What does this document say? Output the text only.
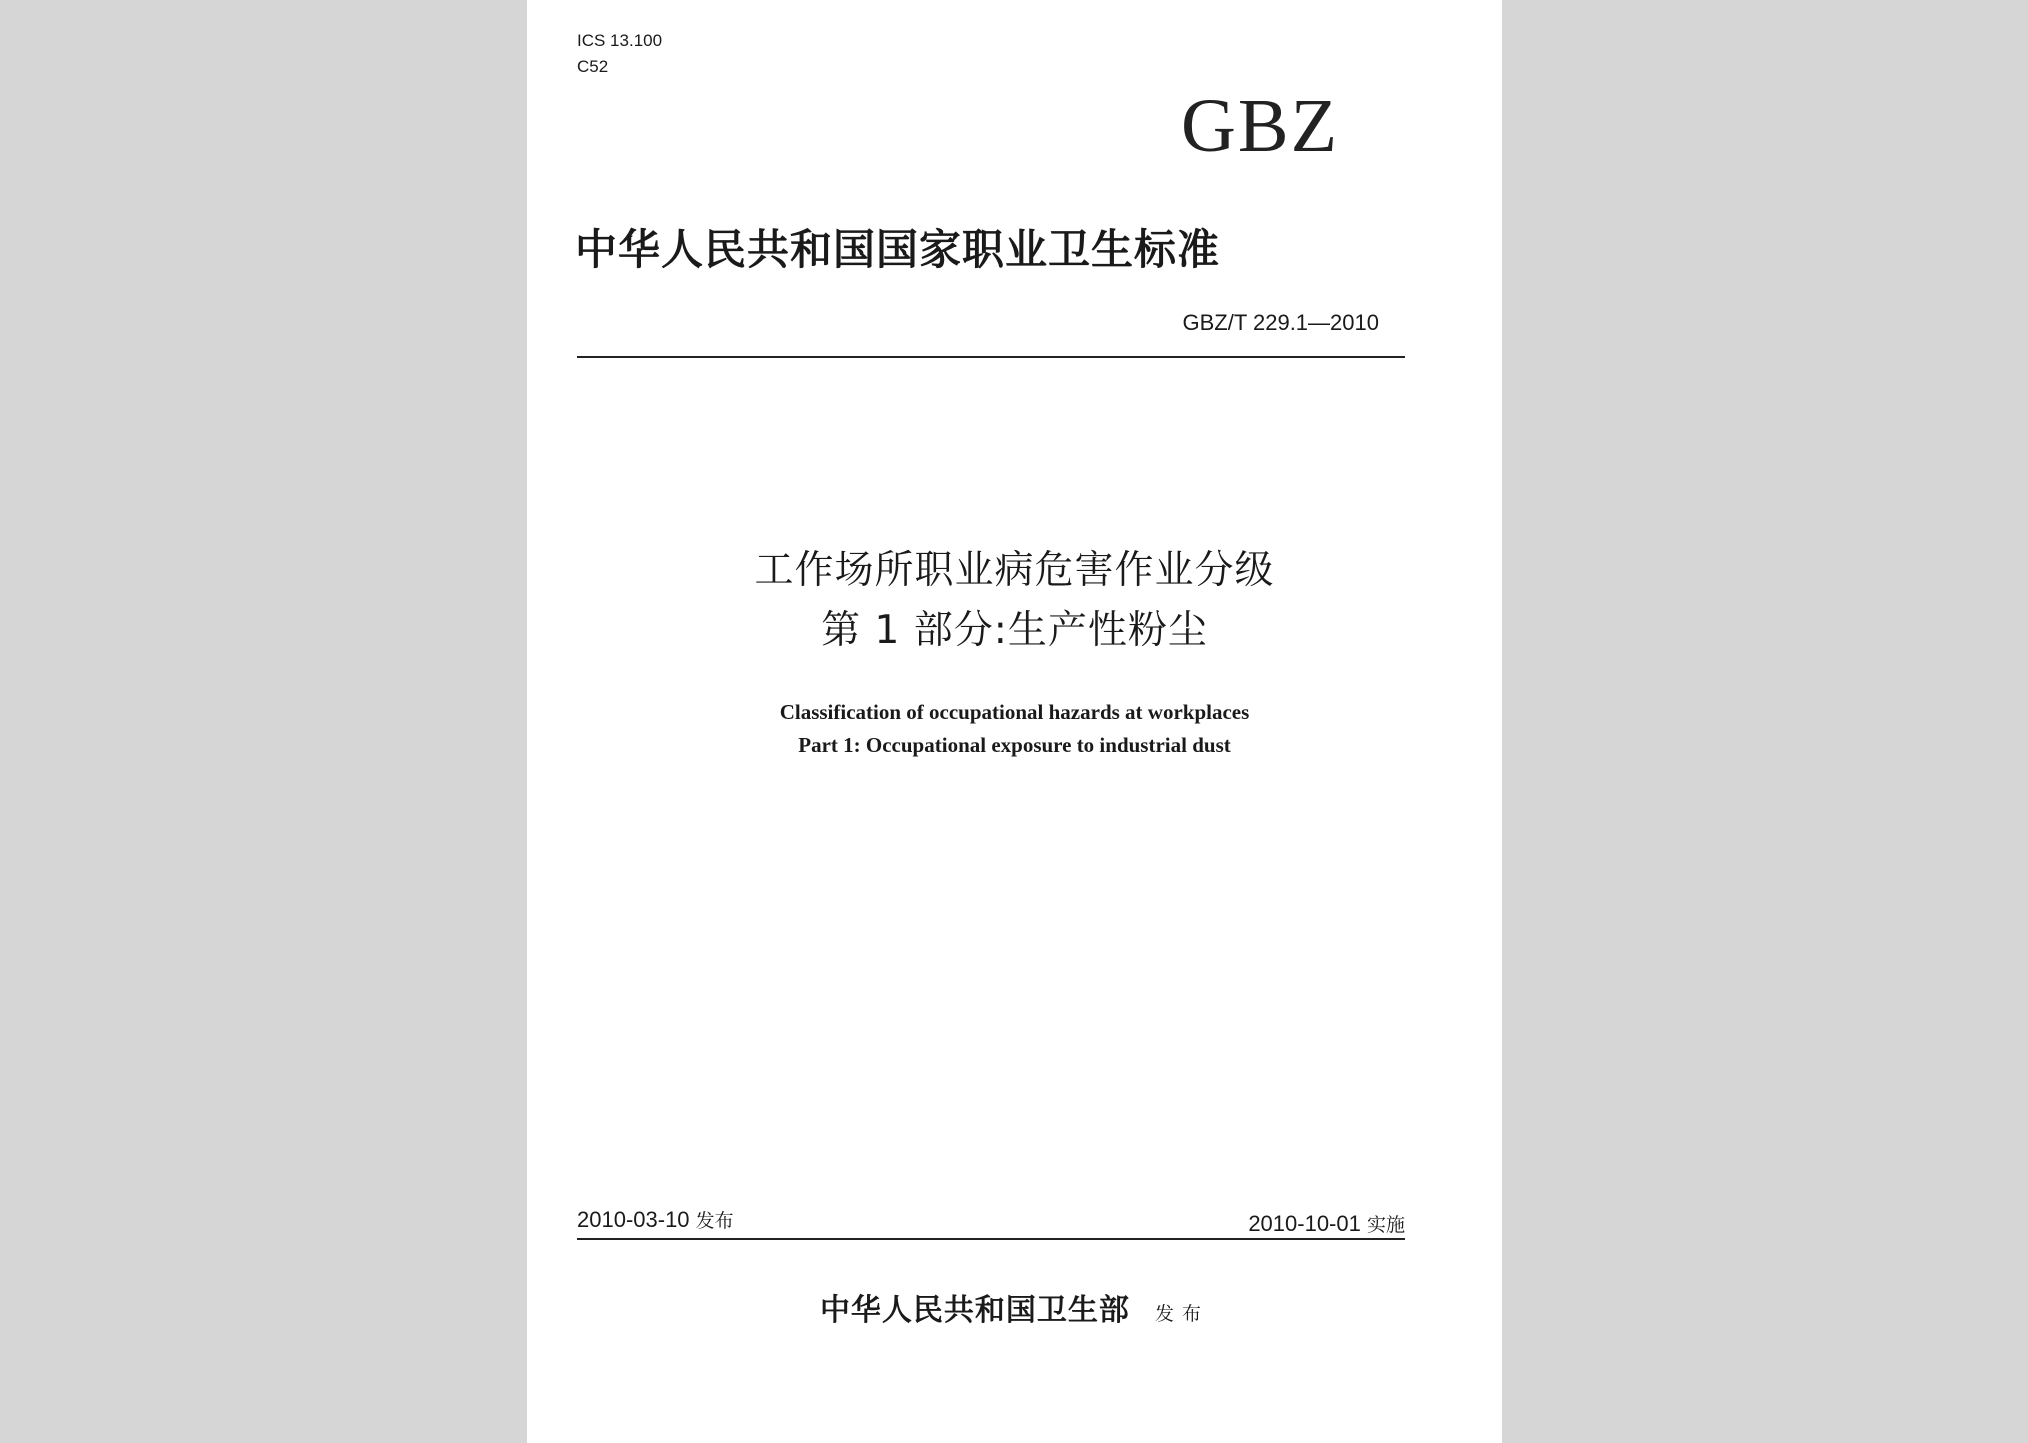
ICS 13.100
C52
GBZ
中华人民共和国国家职业卫生标准
GBZ/T 229.1—2010
工作场所职业病危害作业分级
第 1 部分:生产性粉尘
Classification of occupational hazards at workplaces
Part 1: Occupational exposure to industrial dust
2010-03-10 发布	2010-10-01 实施
中华人民共和国卫生部 发布
